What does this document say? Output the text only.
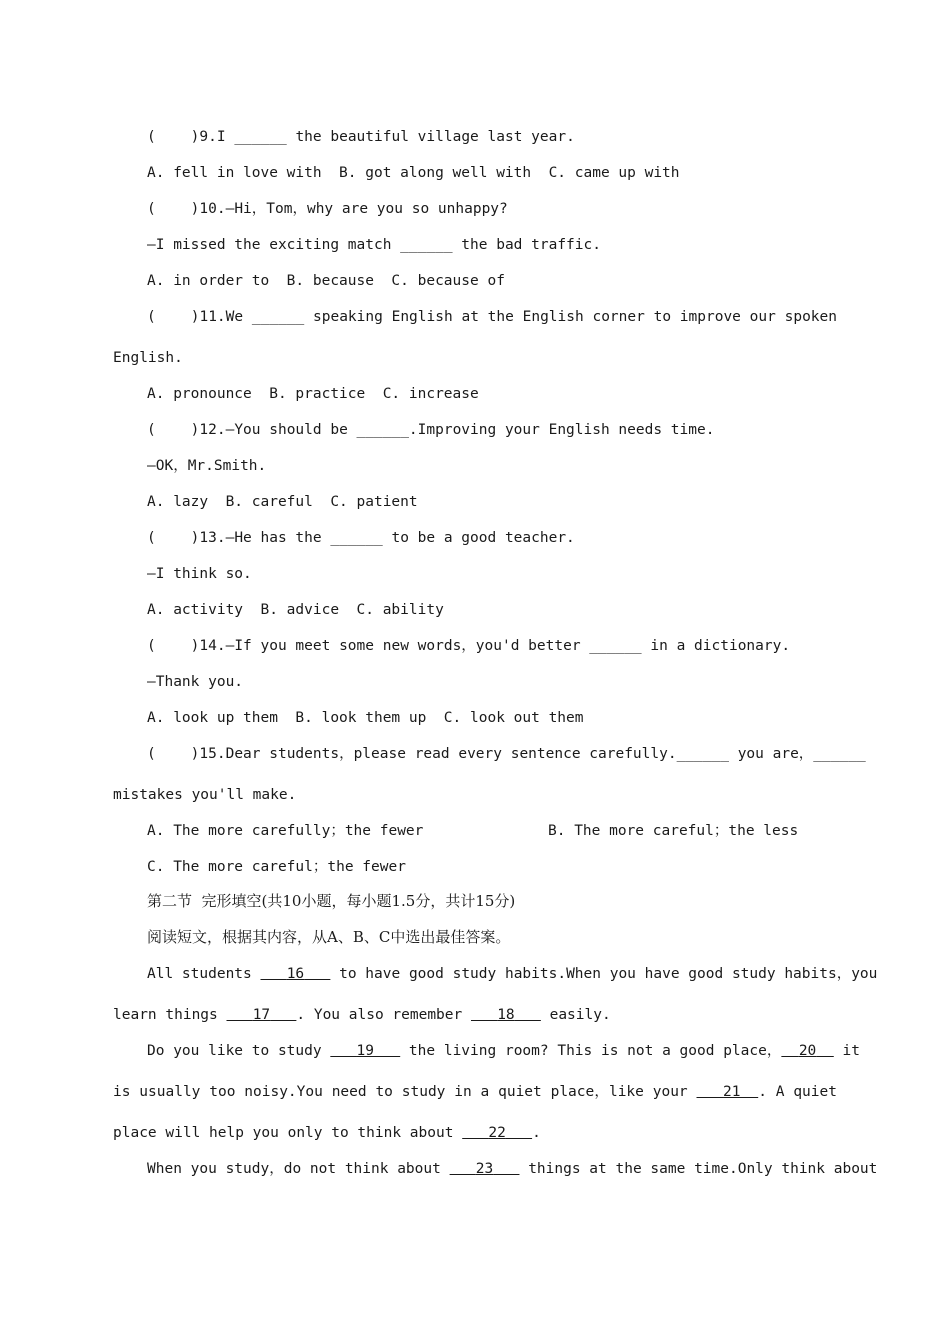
(    )9.I ______ the beautiful village last year.
A. fell in love with  B. got along well with  C. came up with
(    )10.—Hi，Tom，why are you so unhappy?
—I missed the exciting match ______ the bad traffic.
A. in order to  B. because  C. because of
(    )11.We ______ speaking English at the English corner to improve our spoken
English.
A. pronounce  B. practice  C. increase
(    )12.—You should be ______.Improving your English needs time.
—OK，Mr.Smith.
A. lazy  B. careful  C. patient
(    )13.—He has the ______ to be a good teacher.
—I think so.
A. activity  B. advice  C. ability
(    )14.—If you meet some new words，you'd better ______ in a dictionary.
—Thank you.
A. look up them  B. look them up  C. look out them
(    )15.Dear students，please read every sentence carefully.______ you are，______
mistakes you'll make.
A. The more carefully；the fewer	B. The more careful；the less
C. The more careful；the fewer
第二节  完形填空(共10小题，每小题1.5分，共计15分)
阅读短文，根据其内容，从A、B、C中选出最佳答案。
All students    16    to have good study habits.When you have good study habits，you
learn things    17 . You also remember    18    easily.
Do you like to study    19    the living room? This is not a good place， 20   it
is usually too noisy.You need to study in a quiet place，like your    21 . A quiet
place will help you only to think about    22 .
When you study，do not think about    23    things at the same time.Only think about
